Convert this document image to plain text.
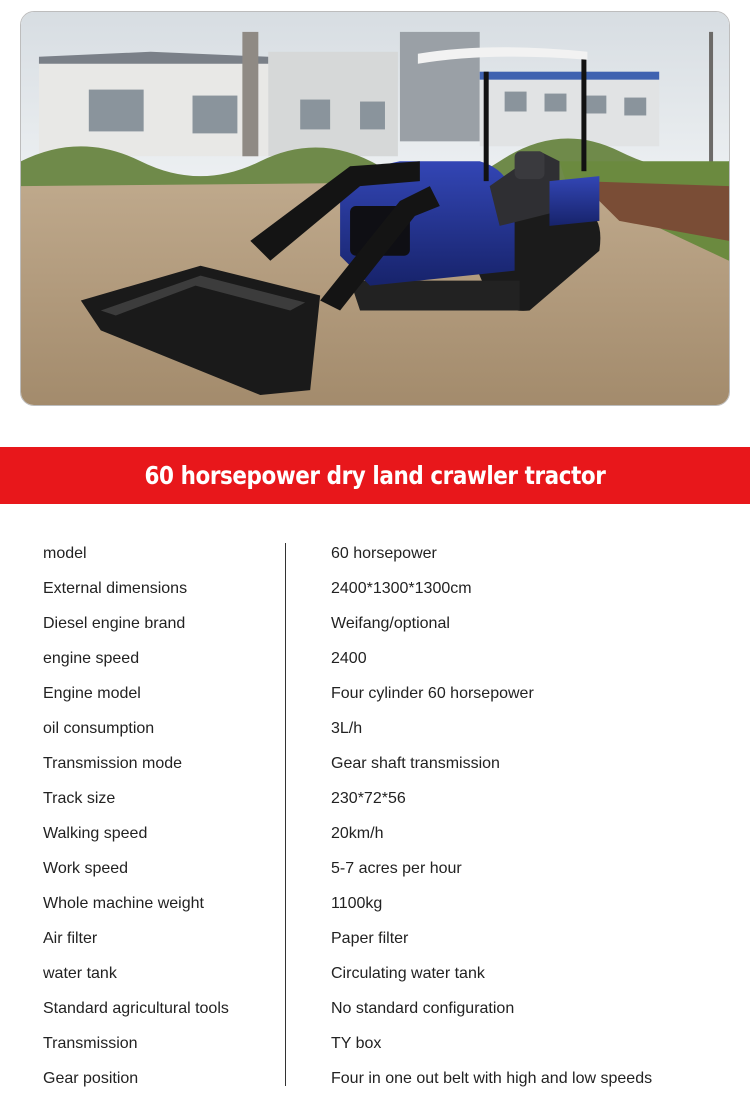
60 horsepower dry land crawler tractor
model	60 horsepower
External dimensions	2400*1300*1300cm
Diesel engine brand	Weifang/optional
engine speed	2400
Engine model	Four cylinder 60 horsepower
oil consumption	3L/h
Transmission mode	Gear shaft transmission
Track size	230*72*56
Walking speed	20km/h
Work speed	5-7 acres per hour
Whole machine weight	1100kg
Air filter	Paper filter
water tank	Circulating water tank
Standard agricultural tools	No standard configuration
Transmission	TY box
Gear position	Four in one out belt with high and low speeds
